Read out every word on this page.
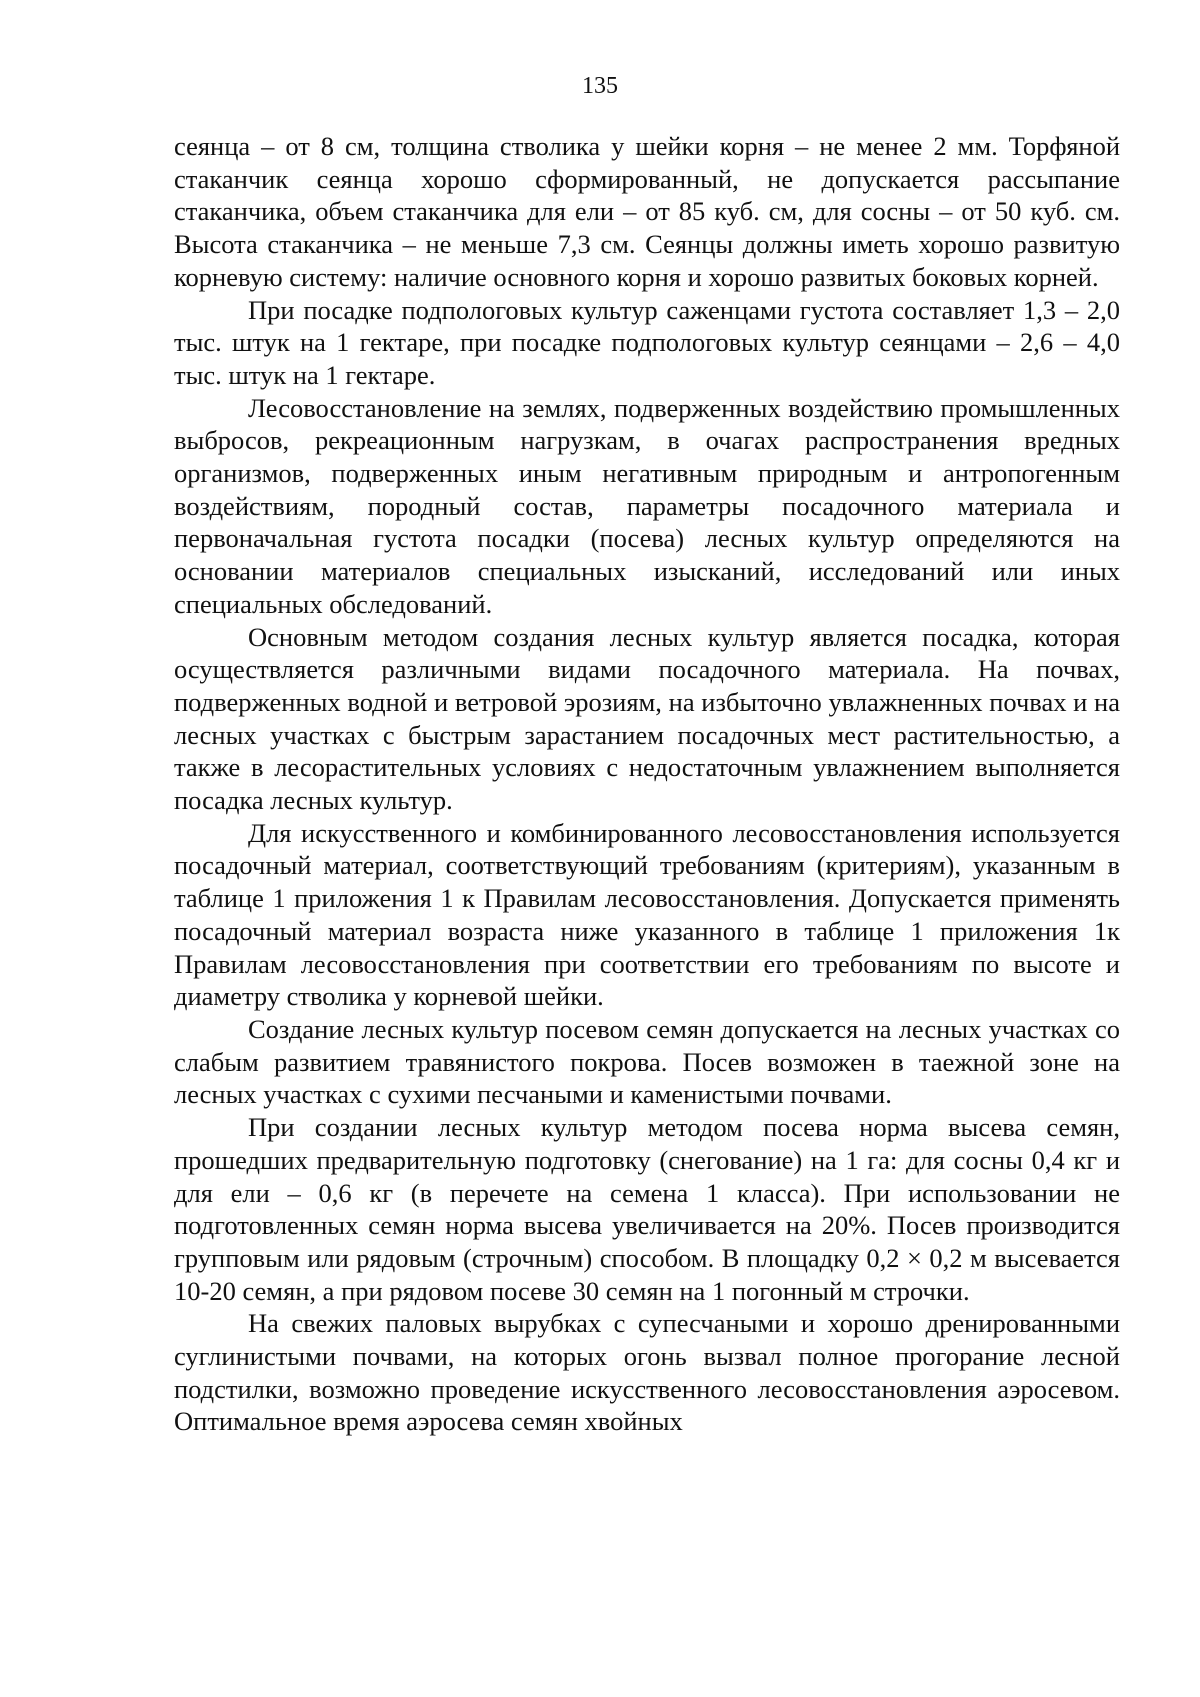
135

сеянца – от 8 см, толщина стволика у шейки корня – не менее 2 мм. Торфяной стаканчик сеянца хорошо сформированный, не допускается рассыпание стаканчика, объем стаканчика для ели – от 85 куб. см, для сосны – от 50 куб. см. Высота стаканчика – не меньше 7,3 см. Сеянцы должны иметь хорошо развитую корневую систему: наличие основного корня и хорошо развитых боковых корней.

При посадке подпологовых культур саженцами густота составляет 1,3 – 2,0 тыс. штук на 1 гектаре, при посадке подпологовых культур сеянцами – 2,6 – 4,0 тыс. штук на 1 гектаре.

Лесовосстановление на землях, подверженных воздействию промышленных выбросов, рекреационным нагрузкам, в очагах распространения вредных организмов, подверженных иным негативным природным и антропогенным воздействиям, породный состав, параметры посадочного материала и первоначальная густота посадки (посева) лесных культур определяются на основании материалов специальных изысканий, исследований или иных специальных обследований.

Основным методом создания лесных культур является посадка, которая осуществляется различными видами посадочного материала. На почвах, подверженных водной и ветровой эрозиям, на избыточно увлажненных почвах и на лесных участках с быстрым зарастанием посадочных мест растительностью, а также в лесорастительных условиях с недостаточным увлажнением выполняется посадка лесных культур.

Для искусственного и комбинированного лесовосстановления используется посадочный материал, соответствующий требованиям (критериям), указанным в таблице 1 приложения 1 к Правилам лесовосстановления. Допускается применять посадочный материал возраста ниже указанного в таблице 1 приложения 1к Правилам лесовосстановления при соответствии его требованиям по высоте и диаметру стволика у корневой шейки.

Создание лесных культур посевом семян допускается на лесных участках со слабым развитием травянистого покрова. Посев возможен в таежной зоне на лесных участках с сухими песчаными и каменистыми почвами.

При создании лесных культур методом посева норма высева семян, прошедших предварительную подготовку (снегование) на 1 га: для сосны 0,4 кг и для ели – 0,6 кг (в перечете на семена 1 класса). При использовании не подготовленных семян норма высева увеличивается на 20%. Посев производится групповым или рядовым (строчным) способом. В площадку 0,2 × 0,2 м высевается 10-20 семян, а при рядовом посеве 30 семян на 1 погонный м строчки.

На свежих паловых вырубках с супесчаными и хорошо дренированными суглинистыми почвами, на которых огонь вызвал полное прогорание лесной подстилки, возможно проведение искусственного лесовосстановления аэросевом. Оптимальное время аэросева семян хвойных
